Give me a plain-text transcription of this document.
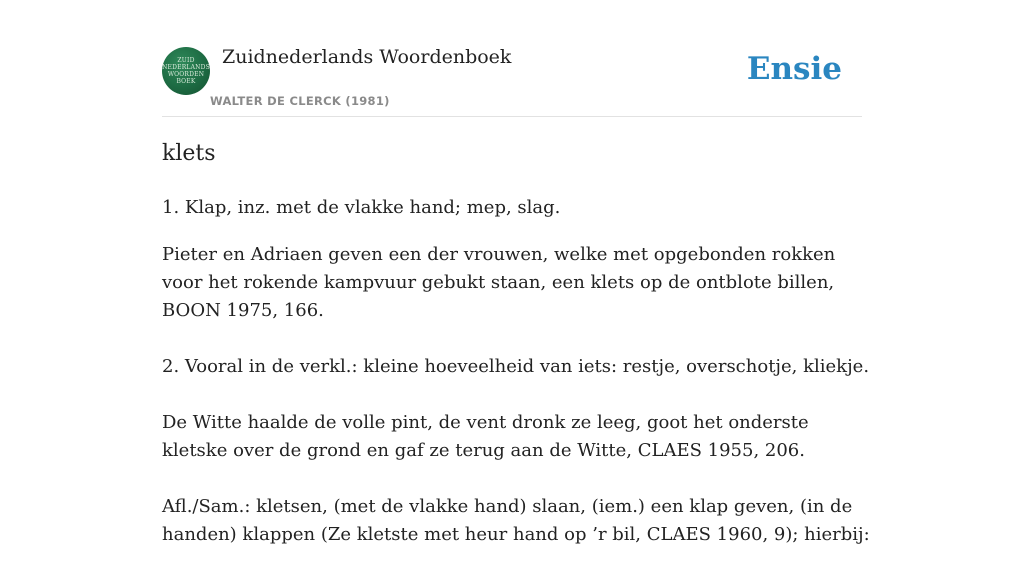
ZUID
NEDERLANDS
WOORDEN
BOEK
Zuidnederlands Woordenboek
WALTER DE CLERCK (1981)
Ensie
klets

1. Klap, inz. met de vlakke hand; mep, slag.

Pieter en Adriaen geven een der vrouwen, welke met opgebonden rokken voor het rokende kampvuur gebukt staan, een klets op de ontblote billen, BOON 1975, 166.

2. Vooral in de verkl.: kleine hoeveelheid van iets: restje, overschotje, kliekje.

De Witte haalde de volle pint, de vent dronk ze leeg, goot het onderste kletske over de grond en gaf ze terug aan de Witte, CLAES 1955, 206.

Afl./Sam.: kletsen, (met de vlakke hand) slaan, (iem.) een klap geven, (in de handen) klappen (Ze kletste met heur hand op ’r bil, CLAES 1960, 9); hierbij:
